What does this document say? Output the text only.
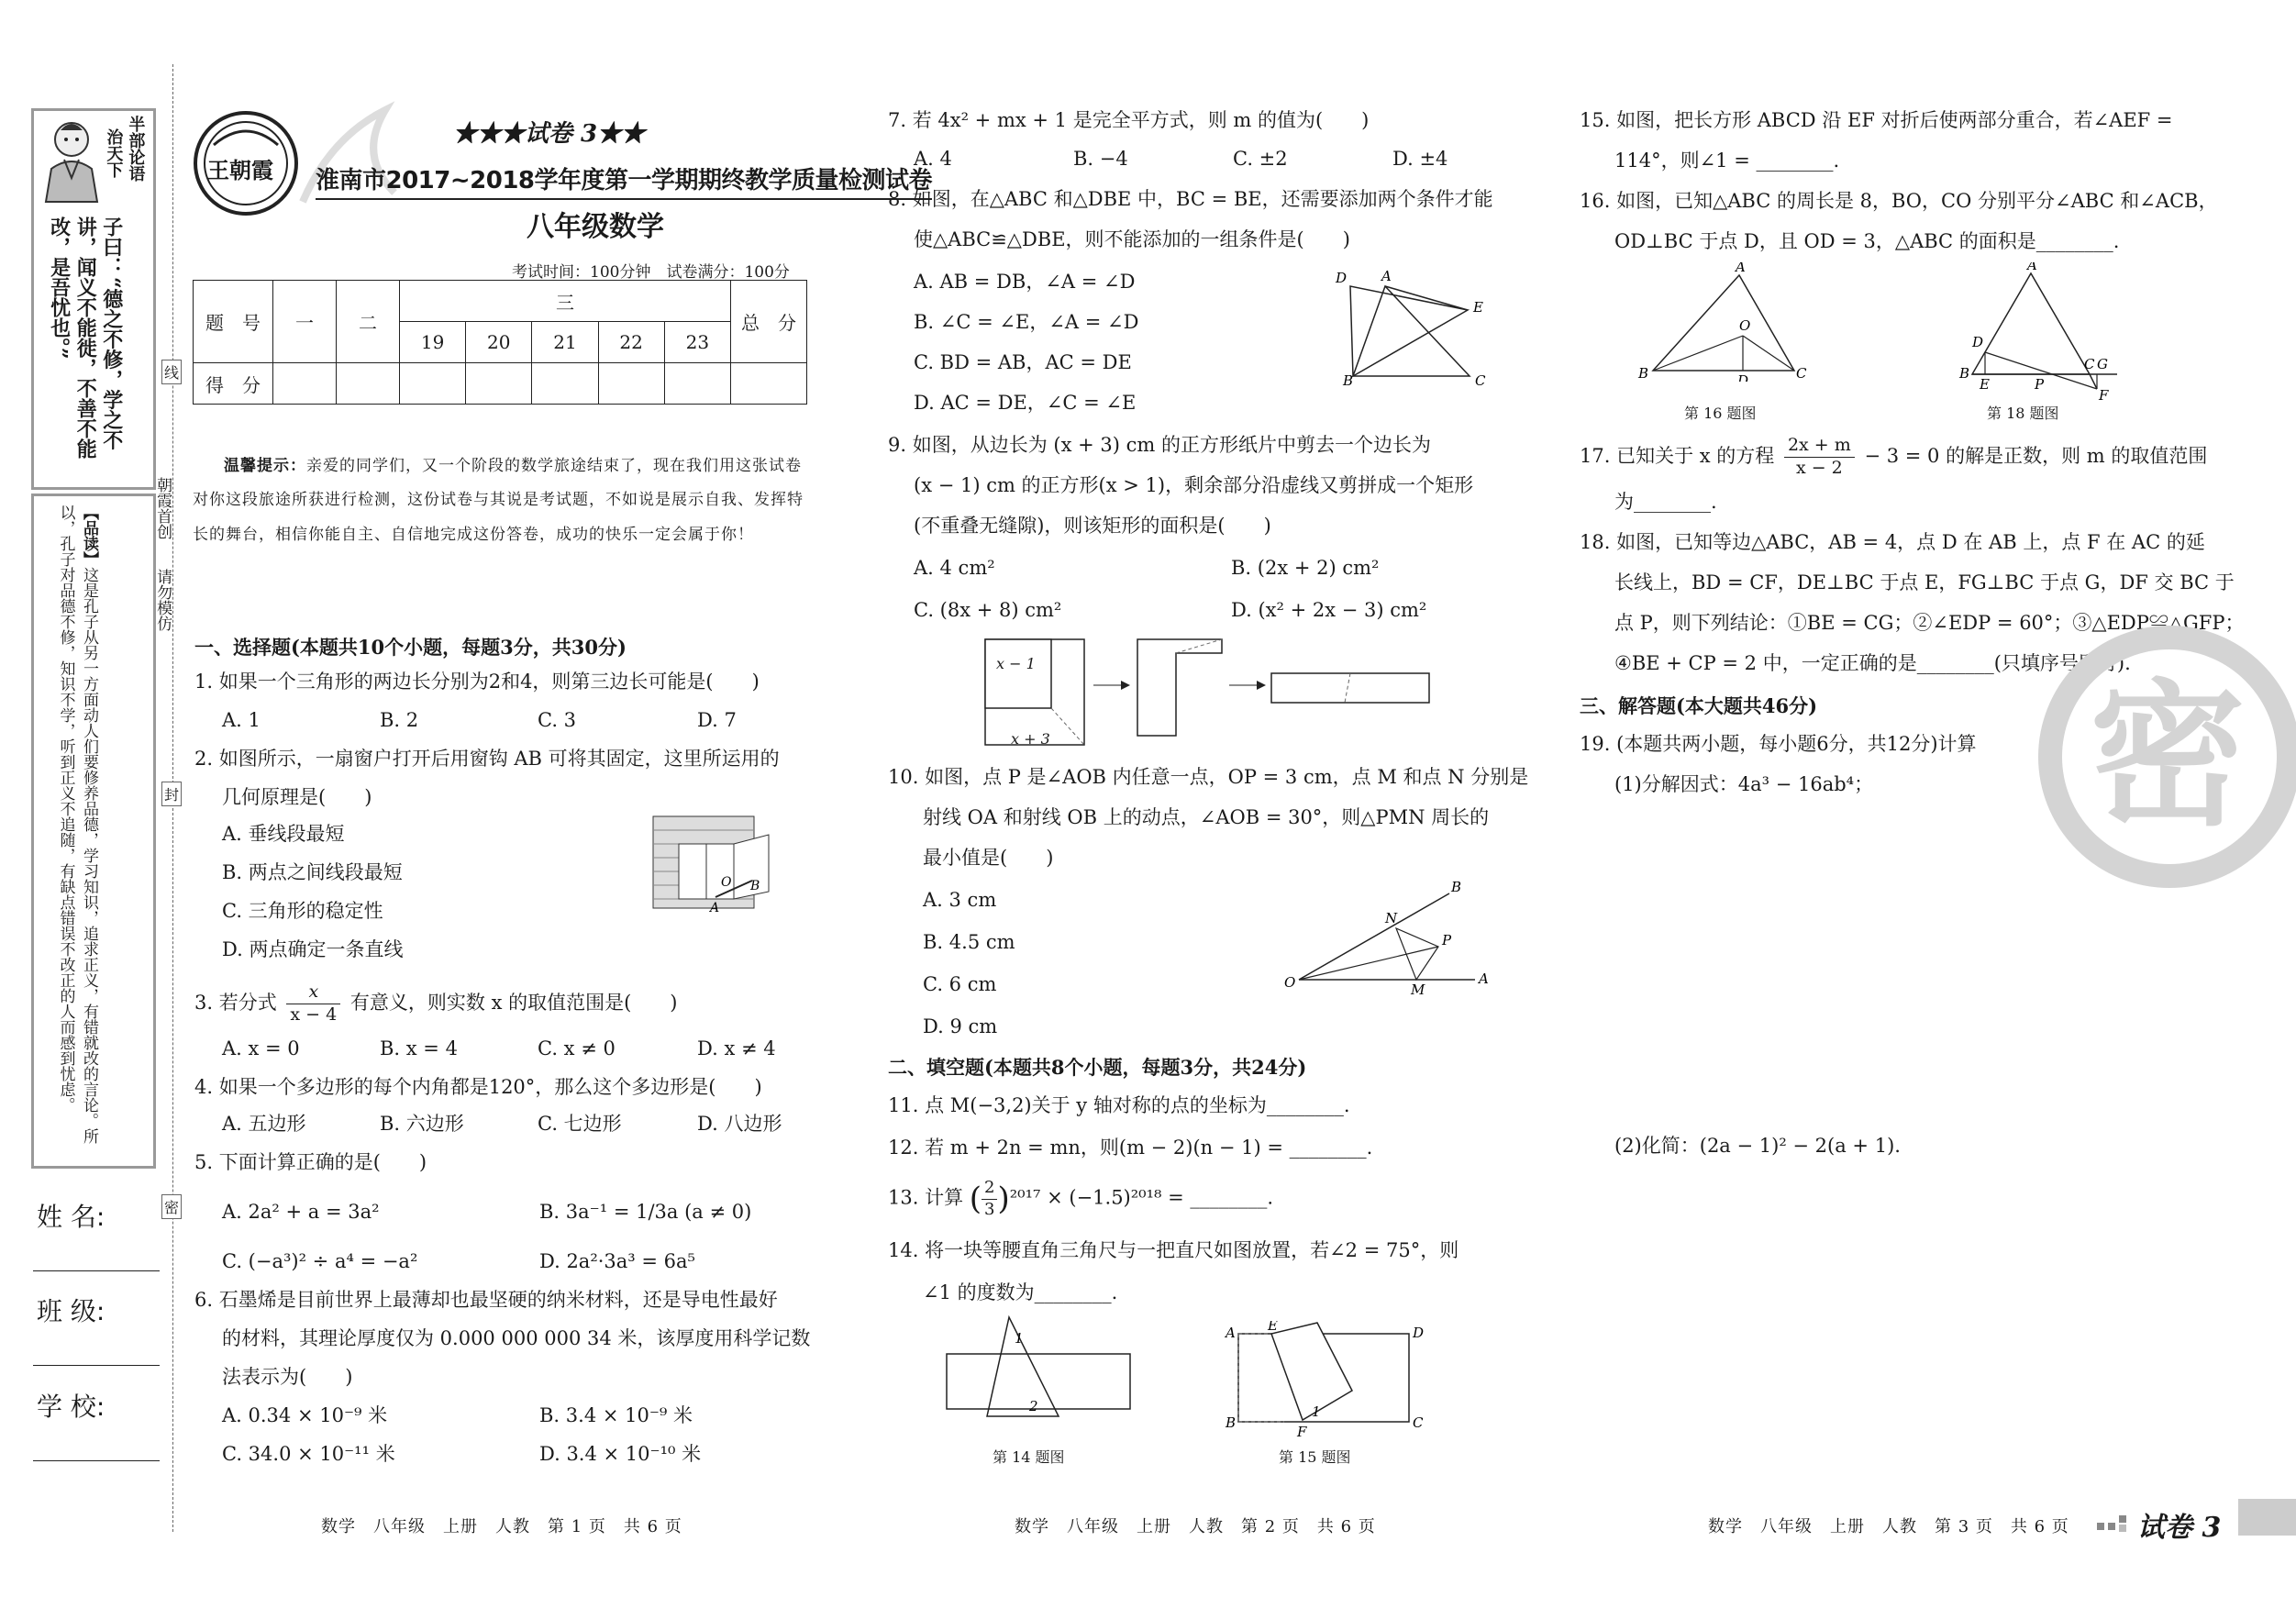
半部论语
治天下
子曰：“德之不修，学之不讲，闻义不能徙，不善不能改，是吾忧也。”
【品读】这是孔子从另一方面动人们要修养品德，学习知识，追求正义，有错就改的言论。所以，孔子对品德不修，知识不学，听到正义不追随，有缺点错误不改正的人而感到忧虑。	朝霞首创
请勿模仿
线
封
密
姓 名:
班 级:
学 校:
王朝霞
★★★试卷 3★★
淮南市2017~2018学年度第一学期期终教学质量检测试卷
八年级数学
考试时间：100分钟　试卷满分：100分
题　号	一	二	三					总　分
			19	20	21	22	23	
得　分								
温馨提示：亲爱的同学们，又一个阶段的数学旅途结束了，现在我们用这张试卷对你这段旅途所获进行检测，这份试卷与其说是考试题，不如说是展示自我、发挥特长的舞台，相信你能自主、自信地完成这份答卷，成功的快乐一定会属于你！
一、选择题(本题共10个小题，每题3分，共30分)
1. 如果一个三角形的两边长分别为2和4，则第三边长可能是(　　)
A. 1	B. 2	C. 3	D. 7
2. 如图所示，一扇窗户打开后用窗钩 AB 可将其固定，这里所运用的
几何原理是(　　)
A. 垂线段最短
B. 两点之间线段最短
C. 三角形的稳定性
D. 两点确定一条直线
A
O B
3. 若分式 $\frac{x}{x - 4}$ 有意义，则实数 x 的取值范围是(　　)
A. x = 0	B. x = 4	C. x ≠ 0	D. x ≠ 4
4. 如果一个多边形的每个内角都是120°，那么这个多边形是(　　)
A. 五边形	B. 六边形	C. 七边形	D. 八边形
5. 下面计算正确的是(　　)
A. 2a² + a = 3a²	B. 3a⁻¹ = 1/3a (a ≠ 0)
C. (−a³)² ÷ a⁴ = −a²	D. 2a²·3a³ = 6a⁵
6. 石墨烯是目前世界上最薄却也最坚硬的纳米材料，还是导电性最好
的材料，其理论厚度仅为 0.000 000 000 34 米，该厚度用科学记数
法表示为(　　)
A. 0.34 × 10⁻⁹ 米	B. 3.4 × 10⁻⁹ 米
C. 34.0 × 10⁻¹¹ 米	D. 3.4 × 10⁻¹⁰ 米
数学　八年级　上册　人教　第 1 页　共 6 页
7. 若 4x² + mx + 1 是完全平方式，则 m 的值为(　　)
A. 4	B. −4	C. ±2	D. ±4
8. 如图，在△ABC 和△DBE 中，BC = BE，还需要添加两个条件才能
使△ABC≌△DBE，则不能添加的一组条件是(　　)
A. AB = DB，∠A = ∠D
B. ∠C = ∠E，∠A = ∠D
C. BD = AB，AC = DE
D. AC = DE，∠C = ∠E
D	A
E
B	C
9. 如图，从边长为 (x + 3) cm 的正方形纸片中剪去一个边长为
(x − 1) cm 的正方形(x > 1)，剩余部分沿虚线又剪拼成一个矩形
(不重叠无缝隙)，则该矩形的面积是(　　)
A. 4 cm²	B. (2x + 2) cm²
C. (8x + 8) cm²	D. (x² + 2x − 3) cm²
x − 1
x + 3
10. 如图，点 P 是∠AOB 内任意一点，OP = 3 cm，点 M 和点 N 分别是
射线 OA 和射线 OB 上的动点，∠AOB = 30°，则△PMN 周长的
最小值是(　　)
A. 3 cm
B. 4.5 cm
C. 6 cm
D. 9 cm
O	A
B
N
P
M
二、填空题(本题共8个小题，每题3分，共24分)
11. 点 M(−3,2)关于 y 轴对称的点的坐标为________.
12. 若 m + 2n = mn，则(m − 2)(n − 1) = ________.
13. 计算 ( $\frac{2}{3} )^{2017} \times (-1.5)^{2018}$ = ________.
14. 将一块等腰直角三角尺与一把直尺如图放置，若∠2 = 75°，则
∠1 的度数为________.
1
2
第 14 题图
A E	D
B	C
F
1
第 15 题图
数学　八年级　上册　人教　第 2 页　共 6 页
15. 如图，把长方形 ABCD 沿 EF 对折后使两部分重合，若∠AEF =
114°，则∠1 = ________.
16. 如图，已知△ABC 的周长是 8，BO，CO 分别平分∠ABC 和∠ACB，
OD⊥BC 于点 D，且 OD = 3，△ABC 的面积是________.
A
O
B	C
D
第 16 题图
A
D
B
E	P
C G
F
第 18 题图
17. 已知关于 x 的方程 $\frac{2x + m}{x - 2} - 3 = 0$ 的解是正数，则 m 的取值范围
为________.
18. 如图，已知等边△ABC，AB = 4，点 D 在 AB 上，点 F 在 AC 的延
长线上，BD = CF，DE⊥BC 于点 E，FG⊥BC 于点 G，DF 交 BC 于
点 P，则下列结论：①BE = CG；②∠EDP = 60°；③△EDP≌△GFP；
④BE + CP = 2 中，一定正确的是________(只填序号即可).
三、解答题(本大题共46分)
19. (本题共两小题，每小题6分，共12分)计算
(1)分解因式：4a³ − 16ab⁴；
(2)化简：(2a − 1)² − 2(a + 1).
密
数学　八年级　上册　人教　第 3 页　共 6 页 试卷 3
